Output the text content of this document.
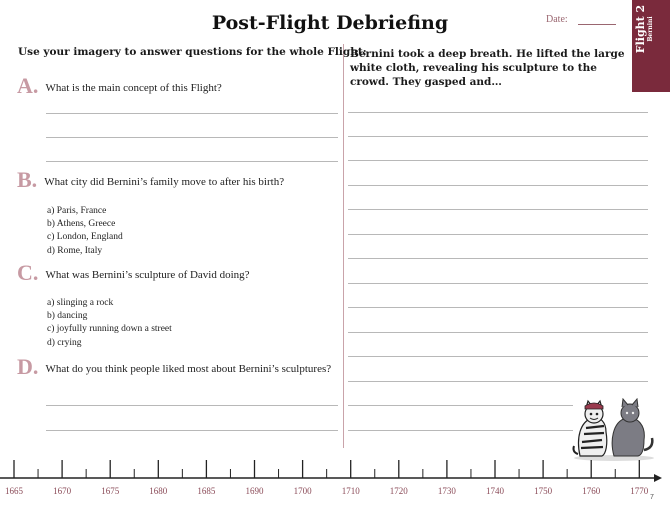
Post-Flight Debriefing	Date:	Flight 2 Bernini
Use your imagery to answer questions for the whole Flight:
A. What is the main concept of this Flight?
B. What city did Bernini’s family move to after his birth?
a) Paris, France
b) Athens, Greece
c) London, England
d) Rome, Italy
C. What was Bernini’s sculpture of David doing?
a) slinging a rock
b) dancing
c) joyfully running down a street
d) crying
D. What do you think people liked most about Bernini’s sculptures?
Bernini took a deep breath. He lifted the large white cloth, revealing his sculpture to the crowd. They gasped and…
1665	1670	1675	1680	1685	1690	1700	1710	1720	1730	1740	1750	1760	1770
7
